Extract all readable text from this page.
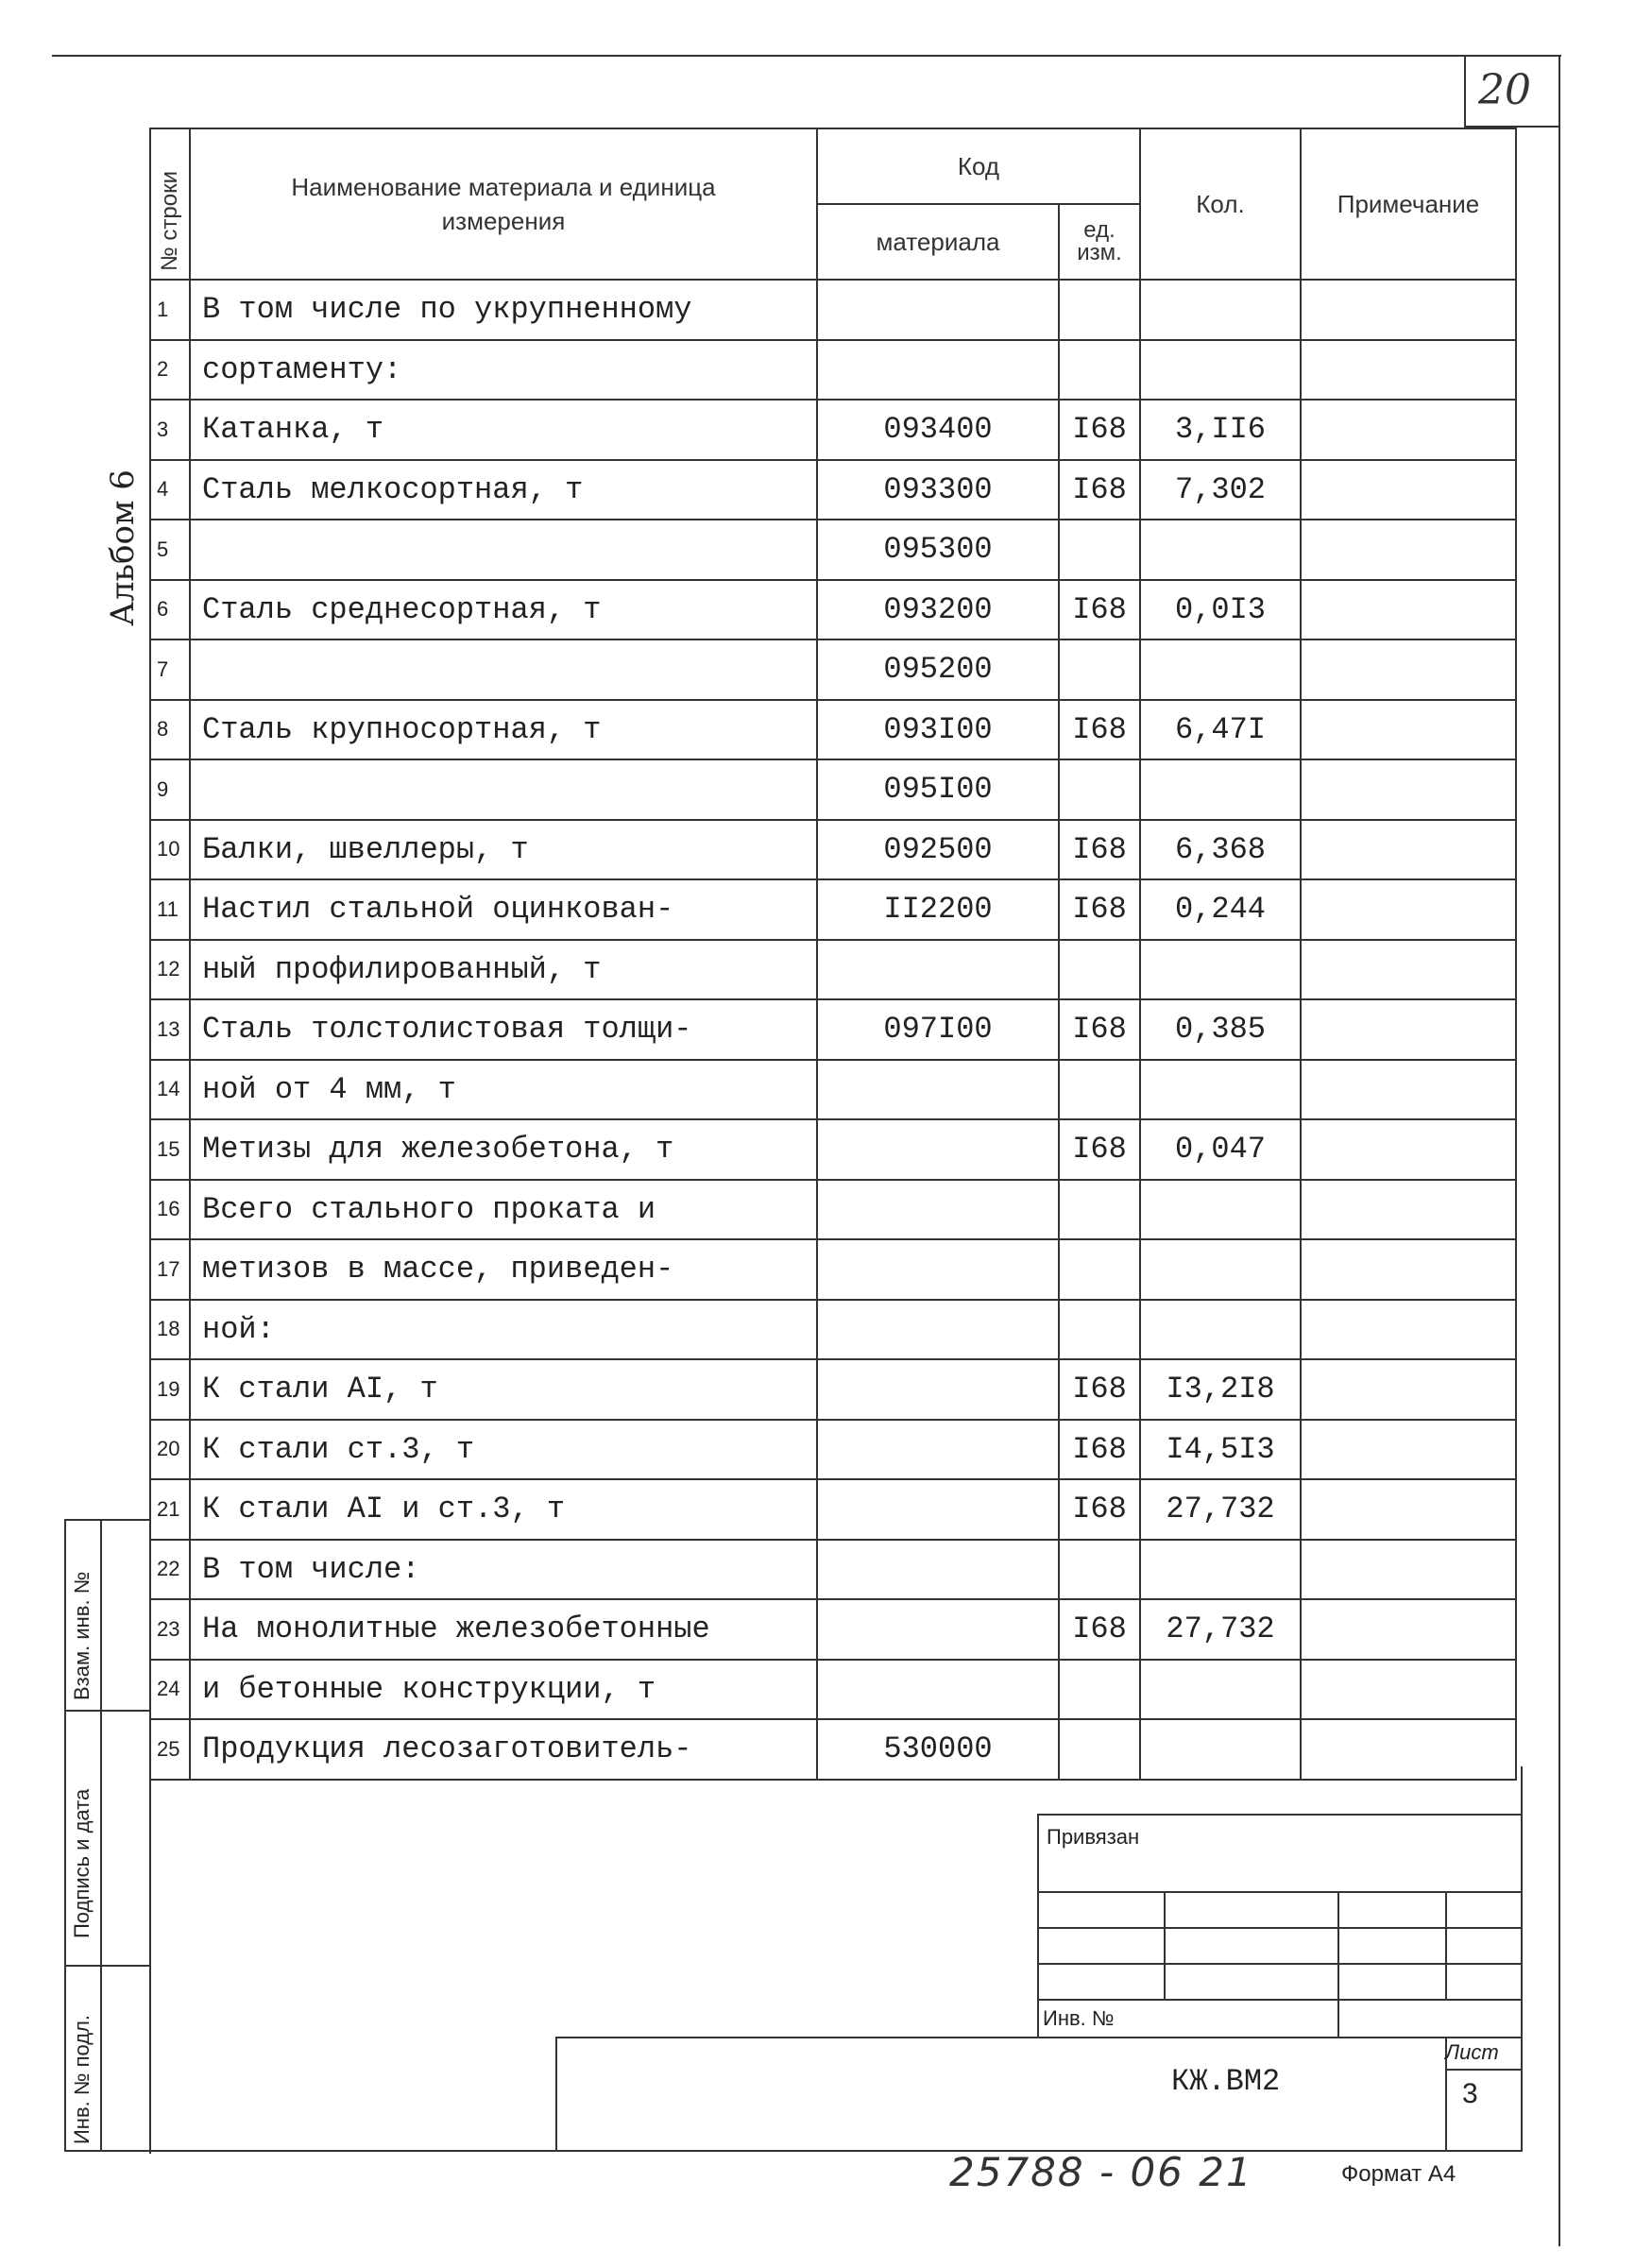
20
Альбом 6
№ строки	Наименование материала и единица измерения	Код		Кол.	Примечание
		материала	ед. изм.		
1	В том числе по укрупненному				
2	сортаменту:				
3	Катанка, т	093400	I68	3,II6	
4	Сталь мелкосортная, т	093300	I68	7,302	
5		095300			
6	Сталь среднесортная, т	093200	I68	0,0I3	
7		095200			
8	Сталь крупносортная, т	093I00	I68	6,47I	
9		095I00			
10	Балки, швеллеры, т	092500	I68	6,368	
11	Настил стальной оцинкован-	II2200	I68	0,244	
12	ный профилированный, т				
13	Сталь толстолистовая толщи-	097I00	I68	0,385	
14	ной от 4 мм, т				
15	Метизы для железобетона, т		I68	0,047	
16	Всего стального проката и				
17	метизов в массе, приведен-				
18	ной:				
19	К стали АI, т		I68	I3,2I8	
20	К стали ст.3, т		I68	I4,5I3	
21	К стали АI и ст.3, т		I68	27,732	
22	В том числе:				
23	На монолитные железобетонные		I68	27,732	
24	и бетонные конструкции, т				
25	Продукция лесозаготовитель-	530000			
Взам. инв. №
Подпись и дата
Инв. № подл.
Привязан
Инв. №
КЖ.ВМ2
Лист
3
25788 - 06 21	Формат А4
